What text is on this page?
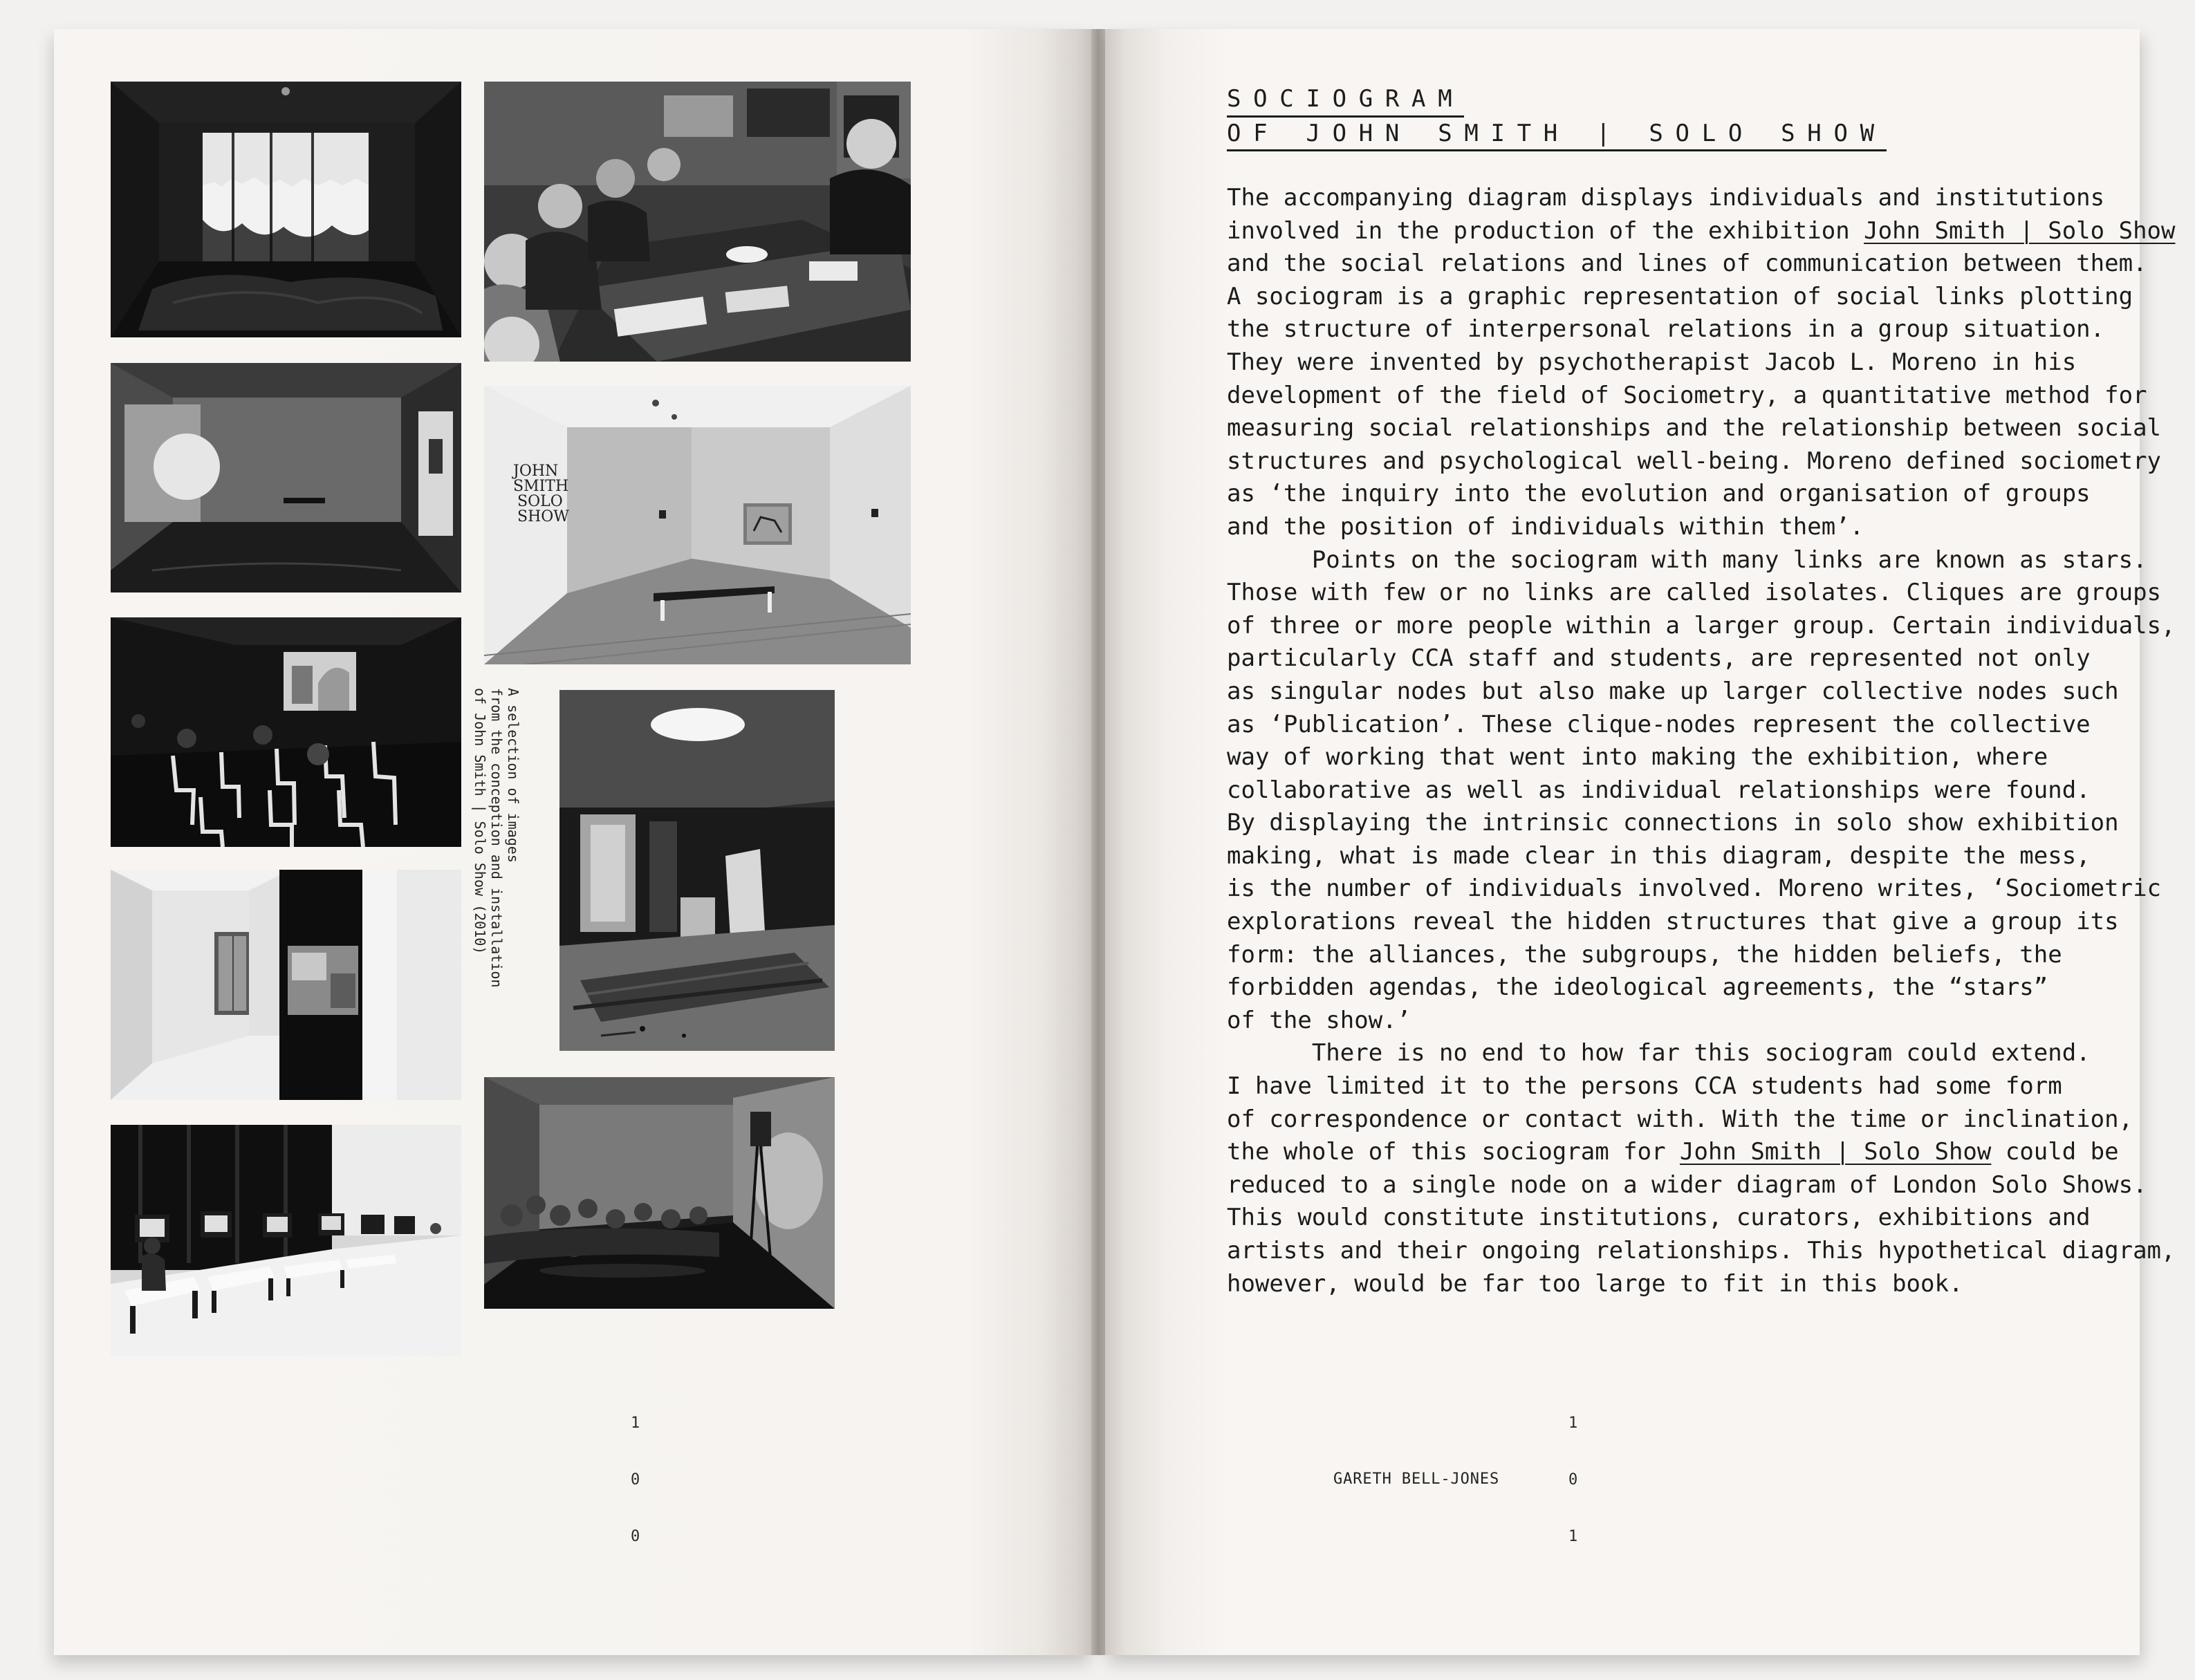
JOHN
SMITH
SOLO
SHOW
A selection of images
from the conception and installation
of John Smith | Solo Show (2010)
1
0
0
SOCIOGRAM
OF JOHN SMITH | SOLO SHOW
The accompanying diagram displays individuals and institutions
involved in the production of the exhibition John Smith | Solo Show
and the social relations and lines of communication between them.
A sociogram is a graphic representation of social links plotting
the structure of interpersonal relations in a group situation.
They were invented by psychotherapist Jacob L. Moreno in his
development of the field of Sociometry, a quantitative method for
measuring social relationships and the relationship between social
structures and psychological well-being. Moreno defined sociometry
as ‘the inquiry into the evolution and organisation of groups
and the position of individuals within them’.
Points on the sociogram with many links are known as stars.
Those with few or no links are called isolates. Cliques are groups
of three or more people within a larger group. Certain individuals,
particularly CCA staff and students, are represented not only
as singular nodes but also make up larger collective nodes such
as ‘Publication’. These clique-nodes represent the collective
way of working that went into making the exhibition, where
collaborative as well as individual relationships were found.
By displaying the intrinsic connections in solo show exhibition
making, what is made clear in this diagram, despite the mess,
is the number of individuals involved. Moreno writes, ‘Sociometric
explorations reveal the hidden structures that give a group its
form: the alliances, the subgroups, the hidden beliefs, the
forbidden agendas, the ideological agreements, the “stars”
of the show.’
There is no end to how far this sociogram could extend.
I have limited it to the persons CCA students had some form
of correspondence or contact with. With the time or inclination,
the whole of this sociogram for John Smith | Solo Show could be
reduced to a single node on a wider diagram of London Solo Shows.
This would constitute institutions, curators, exhibitions and
artists and their ongoing relationships. This hypothetical diagram,
however, would be far too large to fit in this book.
GARETH BELL-JONES
1
0
1
